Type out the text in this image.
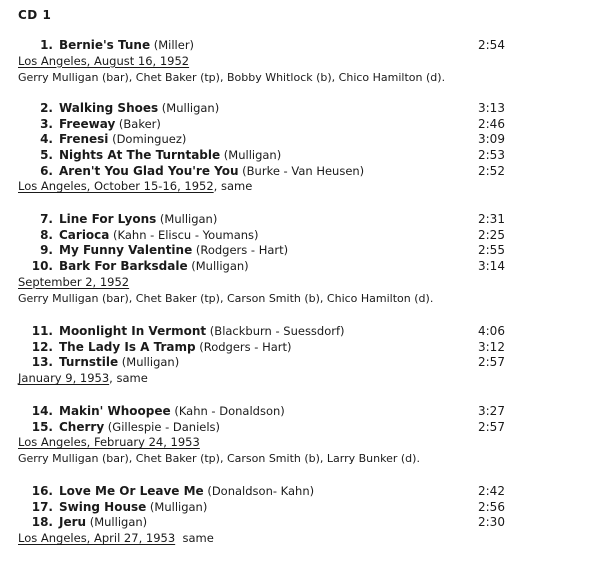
CD 1
1. Bernie's Tune (Miller)	2:54
Los Angeles, August 16, 1952
Gerry Mulligan (bar), Chet Baker (tp), Bobby Whitlock (b), Chico Hamilton (d).
2. Walking Shoes (Mulligan)	3:13
3. Freeway (Baker)	2:46
4. Frenesi (Dominguez)	3:09
5. Nights At The Turntable (Mulligan)	2:53
6. Aren't You Glad You're You (Burke - Van Heusen)	2:52
Los Angeles, October 15-16, 1952, same
7. Line For Lyons (Mulligan)	2:31
8. Carioca (Kahn - Eliscu - Youmans)	2:25
9. My Funny Valentine (Rodgers - Hart)	2:55
10. Bark For Barksdale (Mulligan)	3:14
September 2, 1952
Gerry Mulligan (bar), Chet Baker (tp), Carson Smith (b), Chico Hamilton (d).
11. Moonlight In Vermont (Blackburn - Suessdorf)	4:06
12. The Lady Is A Tramp (Rodgers - Hart)	3:12
13. Turnstile (Mulligan)	2:57
January 9, 1953, same
14. Makin' Whoopee (Kahn - Donaldson)	3:27
15. Cherry (Gillespie - Daniels)	2:57
Los Angeles, February 24, 1953
Gerry Mulligan (bar), Chet Baker (tp), Carson Smith (b), Larry Bunker (d).
16. Love Me Or Leave Me (Donaldson- Kahn)	2:42
17. Swing House (Mulligan)	2:56
18. Jeru (Mulligan)	2:30
Los Angeles, April 27, 1953  same
